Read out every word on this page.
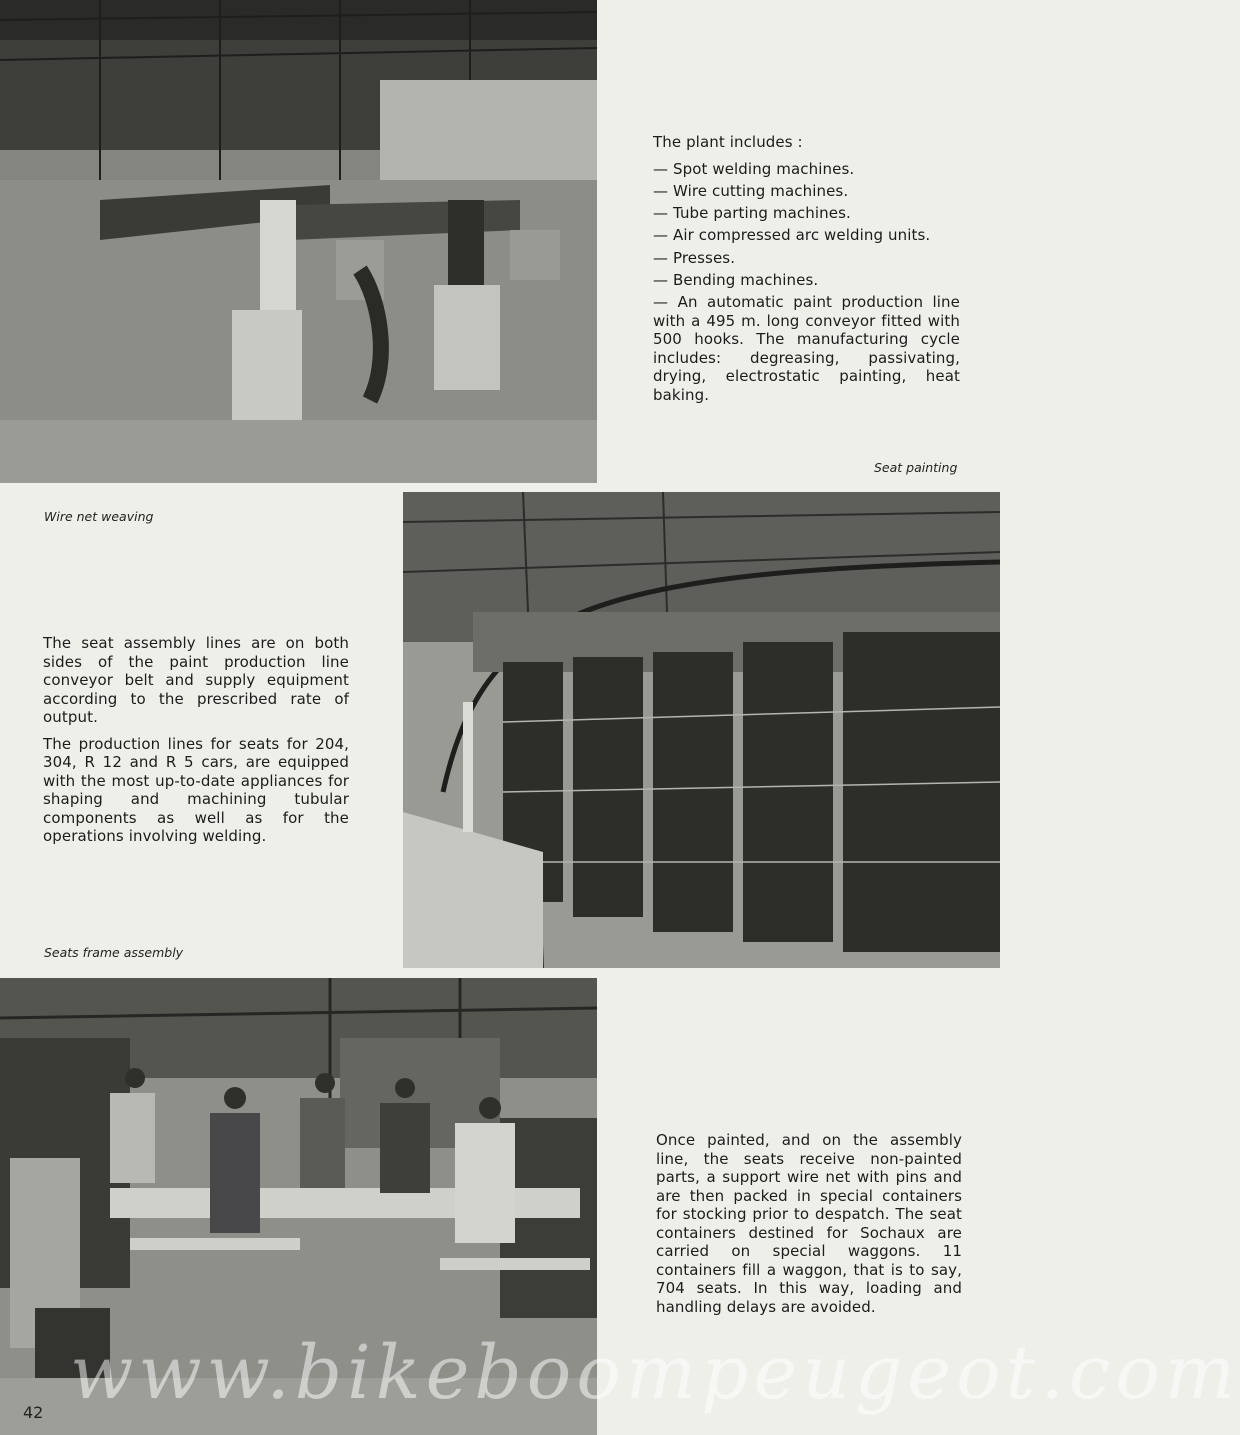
The plant includes :
— Spot welding machines.
— Wire cutting machines.
— Tube parting machines.
— Air compressed arc welding units.
— Presses.
— Bending machines.
— An automatic paint production line with a 495 m. long conveyor fitted with 500 hooks. The manufacturing cycle includes: degreasing, passivating, drying, electrostatic painting, heat baking.
Seat painting
Wire net weaving

The seat assembly lines are on both sides of the paint production line conveyor belt and supply equipment according to the prescribed rate of output.

The production lines for seats for 204, 304, R 12 and R 5 cars, are equipped with the most up-to-date appliances for shaping and machining tubular components as well as for the operations involving welding.

Seats frame assembly

Once painted, and on the assembly line, the seats receive non-painted parts, a support wire net with pins and are then packed in special containers for stocking prior to despatch. The seat containers destined for Sochaux are carried on special waggons. 11 containers fill a waggon, that is to say, 704 seats. In this way, loading and handling delays are avoided.

www.bikeboompeugeot.com
42
